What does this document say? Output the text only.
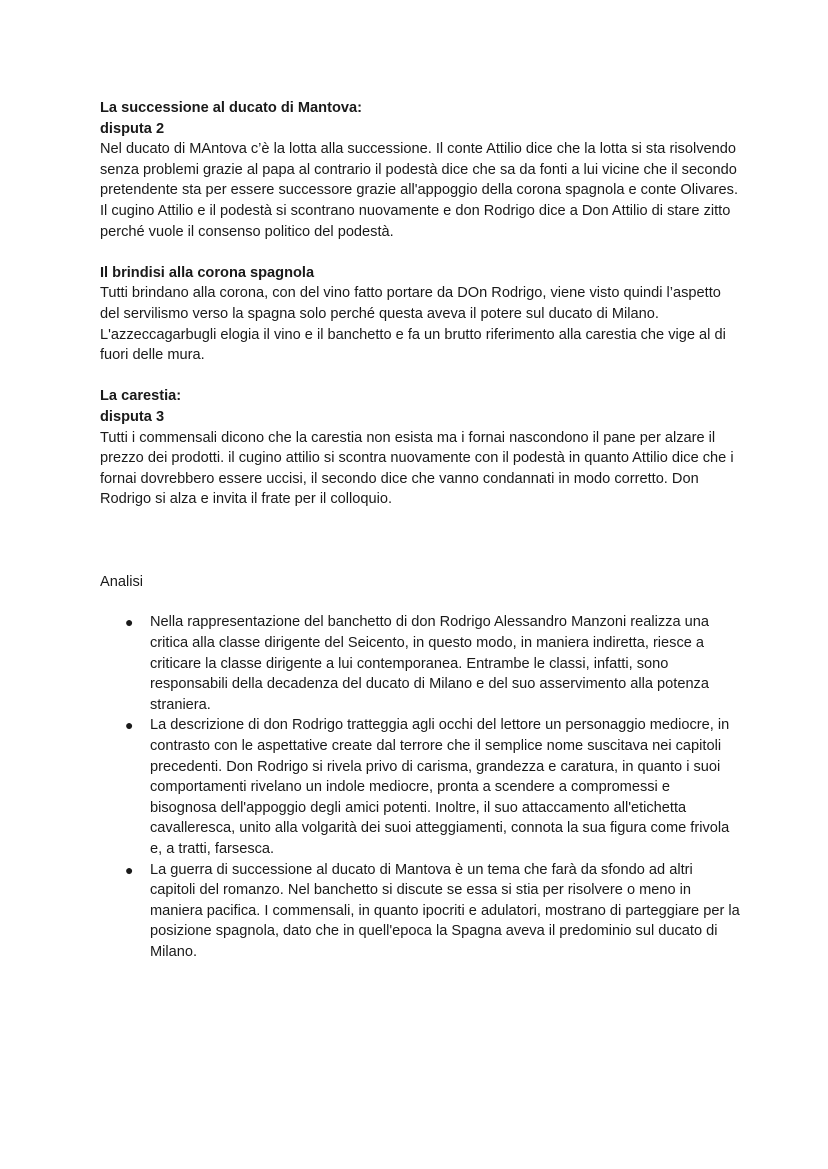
La successione al ducato di Mantova:
disputa 2
Nel ducato di MAntova c’è la lotta alla successione. Il conte Attilio dice che la lotta si sta risolvendo senza problemi grazie al papa al contrario il podestà dice che sa da fonti a lui vicine che il secondo pretendente sta per essere successore grazie all'appoggio della corona spagnola e conte Olivares. Il cugino Attilio e il podestà si scontrano nuovamente e don Rodrigo dice a Don Attilio di stare zitto perché vuole il consenso politico del podestà.
Il brindisi alla corona spagnola
Tutti brindano alla corona, con del vino fatto portare da DOn Rodrigo, viene visto quindi l’aspetto del servilismo verso la spagna solo perché questa aveva il potere sul ducato di Milano.
L'azzeccagarbugli elogia il vino e il banchetto e fa un brutto riferimento alla carestia che vige al di fuori delle mura.
La carestia:
disputa 3
Tutti i commensali dicono che la carestia non esista ma i fornai nascondono il pane per alzare il prezzo dei prodotti. il cugino attilio si scontra nuovamente con il podestà in quanto Attilio dice che i fornai dovrebbero essere uccisi, il secondo dice che vanno condannati in modo corretto. Don Rodrigo si alza e invita il frate per il colloquio.
Analisi
● Nella rappresentazione del banchetto di don Rodrigo Alessandro Manzoni realizza una critica alla classe dirigente del Seicento, in questo modo, in maniera indiretta, riesce a criticare la classe dirigente a lui contemporanea. Entrambe le classi, infatti, sono responsabili della decadenza del ducato di Milano e del suo asservimento alla potenza straniera.
● La descrizione di don Rodrigo tratteggia agli occhi del lettore un personaggio mediocre, in contrasto con le aspettative create dal terrore che il semplice nome suscitava nei capitoli precedenti. Don Rodrigo si rivela privo di carisma, grandezza e caratura, in quanto i suoi comportamenti rivelano un indole mediocre, pronta a scendere a compromessi e bisognosa dell'appoggio degli amici potenti. Inoltre, il suo attaccamento all'etichetta cavalleresca, unito alla volgarità dei suoi atteggiamenti, connota la sua figura come frivola e, a tratti, farsesca.
● La guerra di successione al ducato di Mantova è un tema che farà da sfondo ad altri capitoli del romanzo. Nel banchetto si discute se essa si stia per risolvere o meno in maniera pacifica. I commensali, in quanto ipocriti e adulatori, mostrano di parteggiare per la posizione spagnola, dato che in quell'epoca la Spagna aveva il predominio sul ducato di Milano.
